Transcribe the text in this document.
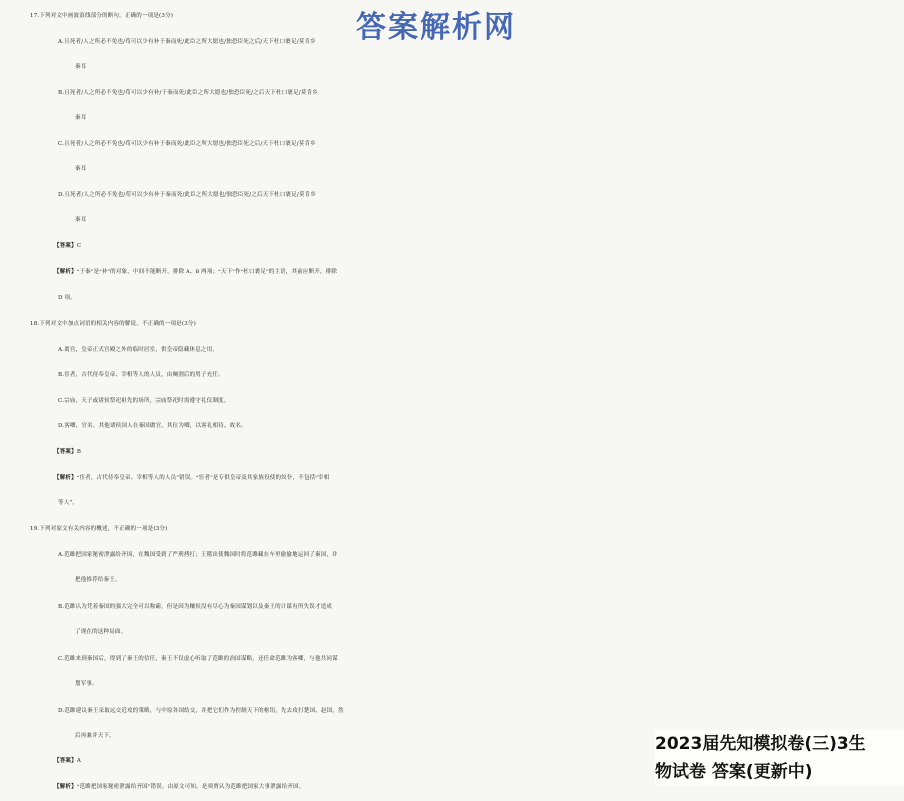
17.下列对文中画波浪线部分的断句，正确的一项是(3分)
A.且死者/人之所必不免也/苟可以少有补于秦而死/此臣之所大愿也/独恐臣死之后/天下杜口裹足/莫肯乡
秦耳
B.且死者/人之所必不免也/苟可以少有补/于秦而死/此臣之所大愿也/独恐臣死/之后天下杜口裹足/莫肯乡
秦耳
C.且死者/人之所必不免也/苟可以少有补于秦而死/此臣之所大愿也/独恐臣死之后/天下杜口裹足/莫肯乡
秦耳
D.且死者/人之所必不免也/苟可以少有补于秦而死/此臣之所大愿也/独恐臣死/之后天下杜口裹足/莫肯乡
秦耳
【答案】C
【解析】“于秦”是“补”的对象，中间不能断开，排除 A、B 两项；“天下”作“杜口裹足”的主语，其前应断开，排除
D 项。
18.下列对文中加点词语的相关内容的解说，不正确的一项是(3分)
A.离宫，皇帝正式宫殿之外的临时居室，供皇帝隐藏休息之用。
B.宦者，古代侍奉皇帝、宰相等人的人员，由阉割后的男子充任。
C.宗庙，天子或诸侯祭祀祖先的场所，宗庙祭祀时需遵守礼仪制度。
D.客卿，官名。其他诸侯国人在秦国做官，其位为卿，以客礼相待，故名。
【答案】B
【解析】“宦者，古代侍奉皇帝、宰相等人的人员”错误。“宦者”是专供皇帝及其家族役使的奴仆，不包括“宰相
等人”。
19.下列对原文有关内容的概述，不正确的一项是(3分)
A.范雎把国家秘密泄露给齐国，在魏国受到了严刑拷打；王稽出使魏国时将范雎藏在车里偷偷地运回了秦国，并
把他推荐给秦王。
B.范雎认为凭着秦国的强大完全可以称霸，但是因为穰侯没有尽心为秦国谋划以及秦王的计谋有所失误才造成
了现在的这种局面。
C.范雎来到秦国后，得到了秦王的信任，秦王不仅虚心听取了范雎的治国谋略，还任命范雎为客卿，与他共同谋
划军事。
D.范雎建议秦王采取远交近攻的策略，与中原各国结交，并把它们作为控制天下的枢纽，先去攻打楚国、赵国，然
后再兼并天下。
【答案】A
【解析】“范雎把国家秘密泄露给齐国”错误。由原文可知，是须贾认为范雎把国家大事泄露给齐国。
答案解析网
2023届先知模拟卷(三)3生
物试卷 答案(更新中)
